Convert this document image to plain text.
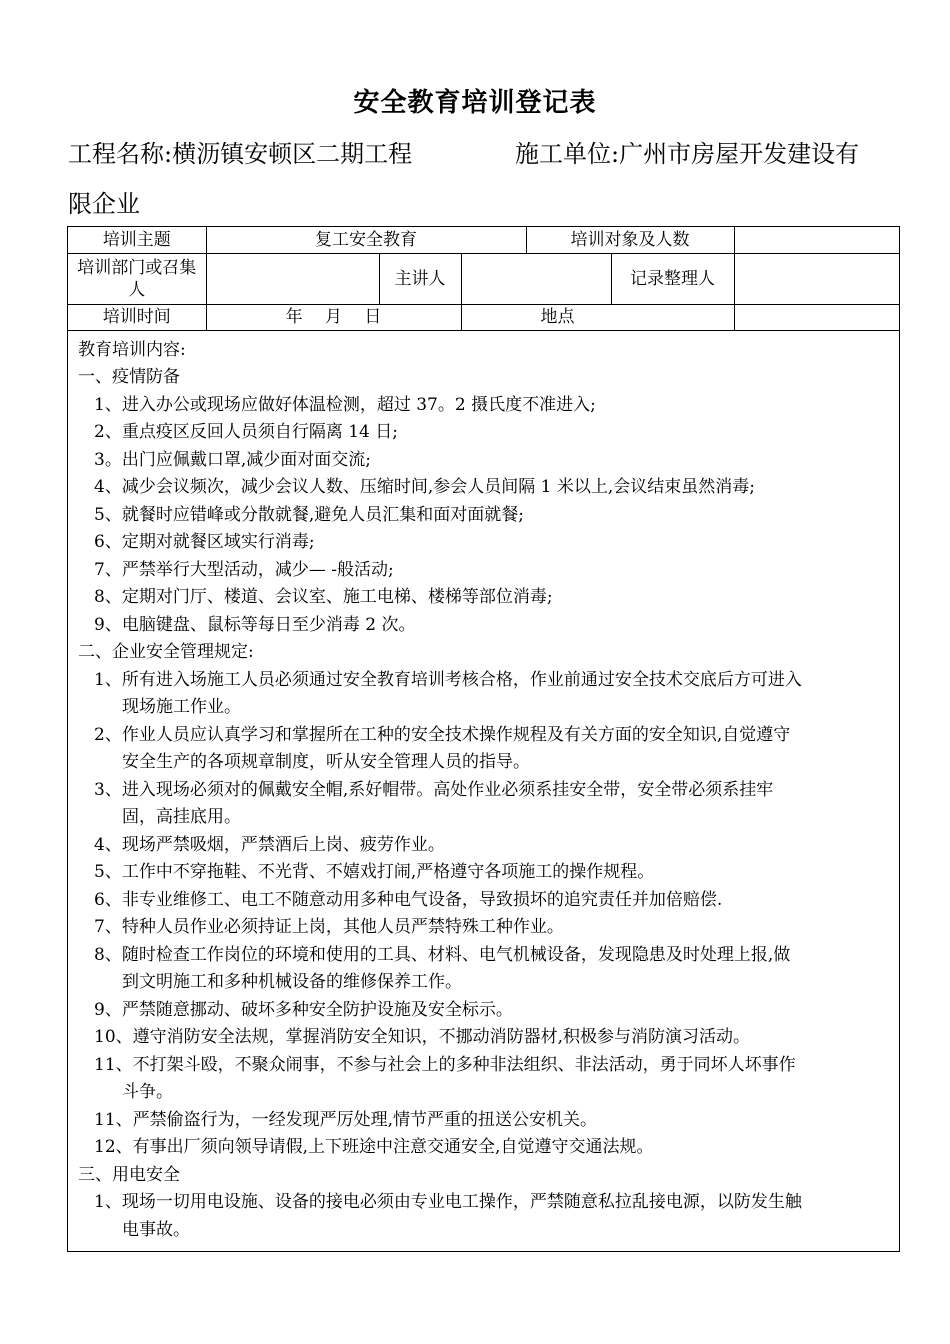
安全教育培训登记表
工程名称:横沥镇安顿区二期工程	施工单位:广州市房屋开发建设有
限企业
培训主题	复工安全教育			培训对象及人数		
培训部门或召集人		主讲人			记录整理人	
培训时间	年　 月　 日		地点			
教育培训内容:
一、疫情防备
1、进入办公或现场应做好体温检测，超过 37。2 摄氏度不准进入;
2、重点疫区反回人员须自行隔离 14 日;
3。出门应佩戴口罩,减少面对面交流;
4、减少会议频次，减少会议人数、压缩时间,参会人员间隔 1 米以上,会议结束虽然消毒;
5、就餐时应错峰或分散就餐,避免人员汇集和面对面就餐;
6、定期对就餐区域实行消毒;
7、严禁举行大型活动，减少— -般活动;
8、定期对门厅、楼道、会议室、施工电梯、楼梯等部位消毒;
9、电脑键盘、鼠标等每日至少消毒 2 次。
二、企业安全管理规定:
1、所有进入场施工人员必须通过安全教育培训考核合格，作业前通过安全技术交底后方可进入
现场施工作业。
2、作业人员应认真学习和掌握所在工种的安全技术操作规程及有关方面的安全知识,自觉遵守
安全生产的各项规章制度，听从安全管理人员的指导。
3、进入现场必须对的佩戴安全帽,系好帽带。高处作业必须系挂安全带，安全带必须系挂牢
固，高挂底用。
4、现场严禁吸烟，严禁酒后上岗、疲劳作业。
5、工作中不穿拖鞋、不光背、不嬉戏打闹,严格遵守各项施工的操作规程。
6、非专业维修工、电工不随意动用多种电气设备，导致损坏的追究责任并加倍赔偿.
7、特种人员作业必须持证上岗，其他人员严禁特殊工种作业。
8、随时检查工作岗位的环境和使用的工具、材料、电气机械设备，发现隐患及时处理上报,做
到文明施工和多种机械设备的维修保养工作。
9、严禁随意挪动、破坏多种安全防护设施及安全标示。
10、遵守消防安全法规，掌握消防安全知识，不挪动消防器材,积极参与消防演习活动。
11、不打架斗殴，不聚众闹事，不参与社会上的多种非法组织、非法活动，勇于同坏人坏事作
斗争。
11、严禁偷盗行为，一经发现严厉处理,情节严重的扭送公安机关。
12、有事出厂须向领导请假,上下班途中注意交通安全,自觉遵守交通法规。
三、用电安全
1、现场一切用电设施、设备的接电必须由专业电工操作，严禁随意私拉乱接电源，以防发生触
电事故。
